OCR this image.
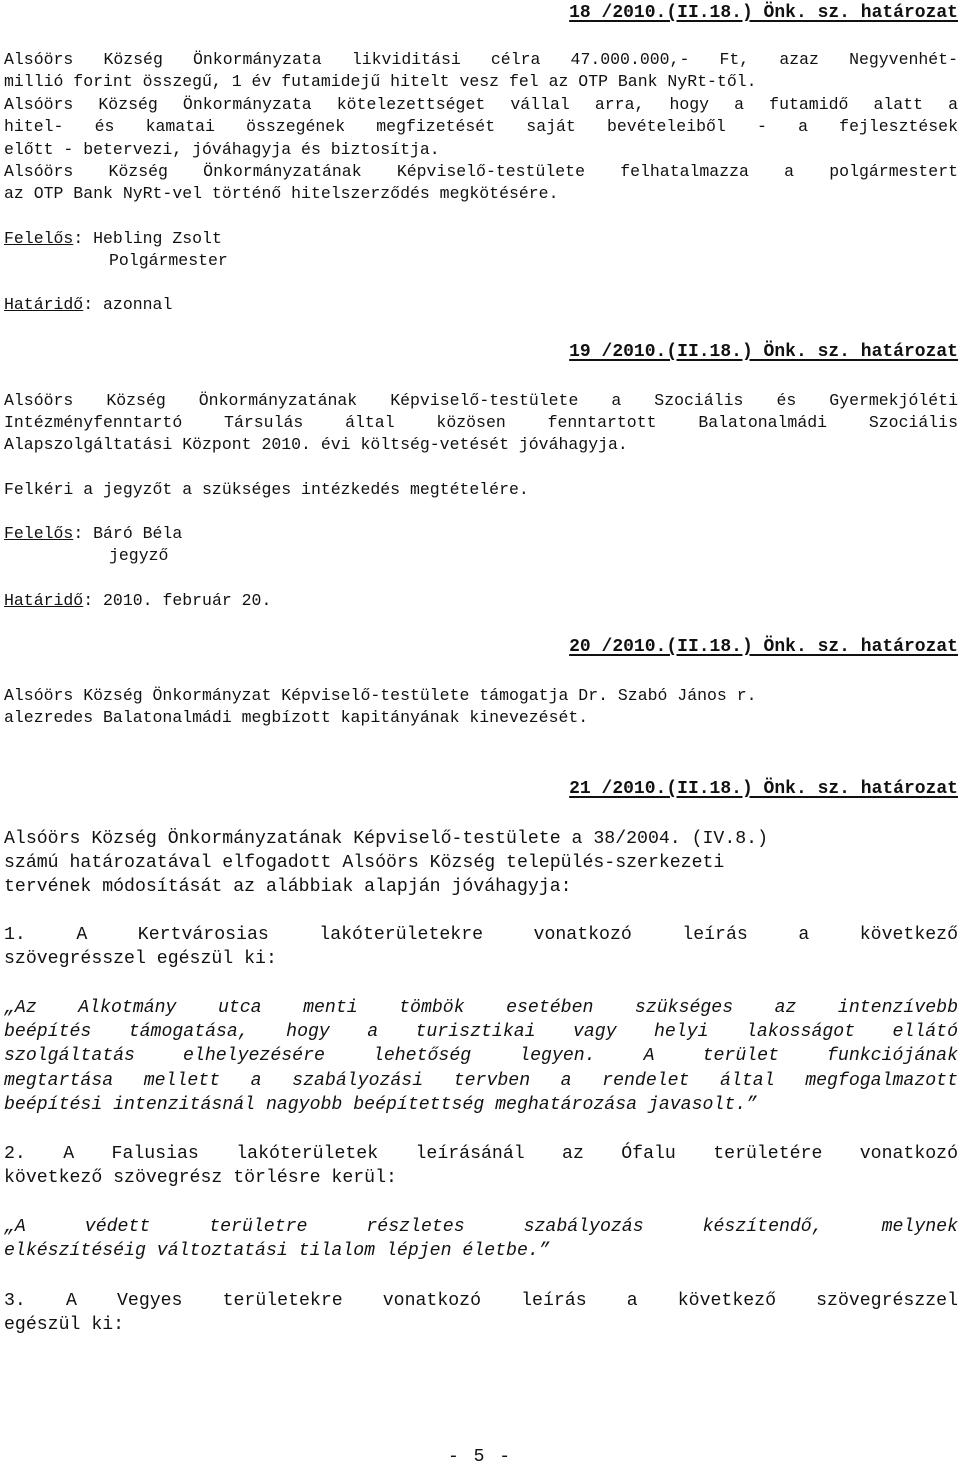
18 /2010.(II.18.) Önk. sz. határozat

Alsóörs Község Önkormányzata likviditási célra 47.000.000,- Ft, azaz Negyvenhét-

millió forint összegű, 1 év futamidejű hitelt vesz fel az OTP Bank NyRt-től.

Alsóörs Község Önkormányzata kötelezettséget vállal arra, hogy a futamidő alatt a

hitel- és kamatai összegének megfizetését saját bevételeiből - a fejlesztések

előtt - betervezi, jóváhagyja és biztosítja.

Alsóörs Község Önkormányzatának Képviselő-testülete felhatalmazza a polgármestert

az OTP Bank NyRt-vel történő hitelszerződés megkötésére.

Felelős: Hebling Zsolt

Polgármester

Határidő: azonnal

19 /2010.(II.18.) Önk. sz. határozat

Alsóörs Község Önkormányzatának Képviselő-testülete a Szociális és Gyermekjóléti

Intézményfenntartó Társulás által közösen fenntartott Balatonalmádi Szociális

Alapszolgáltatási Központ 2010. évi költség-vetését jóváhagyja.

Felkéri a jegyzőt a szükséges intézkedés megtételére.

Felelős: Báró Béla

jegyző

Határidő: 2010. február 20.

20 /2010.(II.18.) Önk. sz. határozat

Alsóörs Község Önkormányzat Képviselő-testülete támogatja Dr. Szabó János r.

alezredes Balatonalmádi megbízott kapitányának kinevezését.

21 /2010.(II.18.) Önk. sz. határozat

Alsóörs Község Önkormányzatának Képviselő-testülete a 38/2004. (IV.8.)

számú határozatával elfogadott Alsóörs Község település-szerkezeti

tervének módosítását az alábbiak alapján jóváhagyja:

1. A Kertvárosias lakóterületekre vonatkozó leírás a következő

szövegrésszel egészül ki:

„Az Alkotmány utca menti tömbök esetében szükséges az intenzívebb

beépítés támogatása, hogy a turisztikai vagy helyi lakosságot ellátó

szolgáltatás elhelyezésére lehetőség legyen. A terület funkciójának

megtartása mellett a szabályozási tervben a rendelet által megfogalmazott

beépítési intenzitásnál nagyobb beépítettség meghatározása javasolt.”

2. A Falusias lakóterületek leírásánál az Ófalu területére vonatkozó

következő szövegrész törlésre kerül:

„A védett területre részletes szabályozás készítendő, melynek

elkészítéséig változtatási tilalom lépjen életbe.”

3. A Vegyes területekre vonatkozó leírás a következő szövegrészzel

egészül ki:

- 5 -
